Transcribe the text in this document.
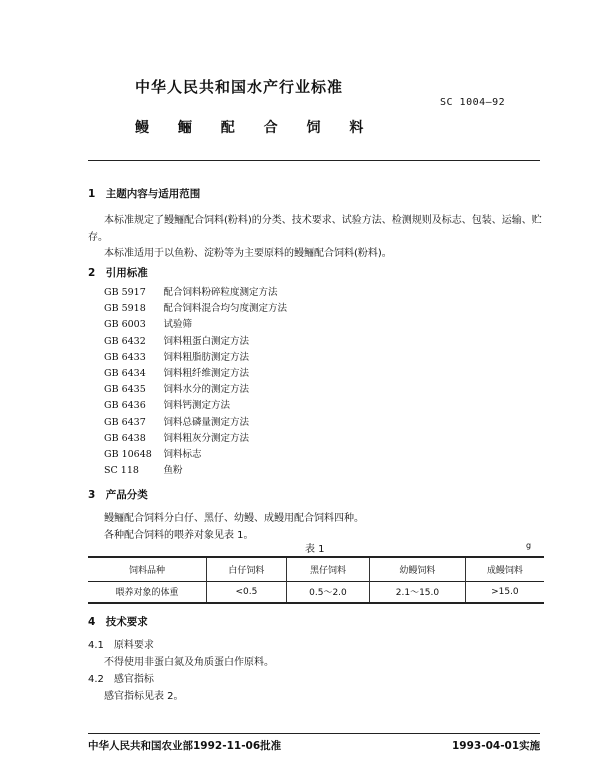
中华人民共和国水产行业标准
SC 1004—92
鳗 鲡 配 合 饲 料
1　主题内容与适用范围
本标准规定了鳗鲡配合饲料(粉料)的分类、技术要求、试验方法、检测规则及标志、包装、运输、贮
存。
本标准适用于以鱼粉、淀粉等为主要原料的鳗鲡配合饲料(粉料)。
2　引用标准
GB 5917　 配合饲料粉碎粒度测定方法
GB 5918　 配合饲料混合均匀度测定方法
GB 6003　 试验筛
GB 6432　 饲料粗蛋白测定方法
GB 6433　 饲料粗脂肪测定方法
GB 6434　 饲料粗纤维测定方法
GB 6435　 饲料水分的测定方法
GB 6436　 饲料钙测定方法
GB 6437　 饲料总磷量测定方法
GB 6438　 饲料粗灰分测定方法
GB 10648　 饲料标志
SC 118　	鱼粉
3　产品分类
鳗鲡配合饲料分白仔、黑仔、幼鳗、成鳗用配合饲料四种。
各种配合饲料的喂养对象见表 1。
表 1	g
饲料品种	白仔饲料	黑仔饲料	幼鳗饲料	成鳗饲料
喂养对象的体重	<0.5	0.5～2.0	2.1～15.0	>15.0
4　技术要求
4.1　原料要求
不得使用非蛋白氮及角质蛋白作原料。
4.2　感官指标
感官指标见表 2。
中华人民共和国农业部1992-11-06批准	1993-04-01实施
